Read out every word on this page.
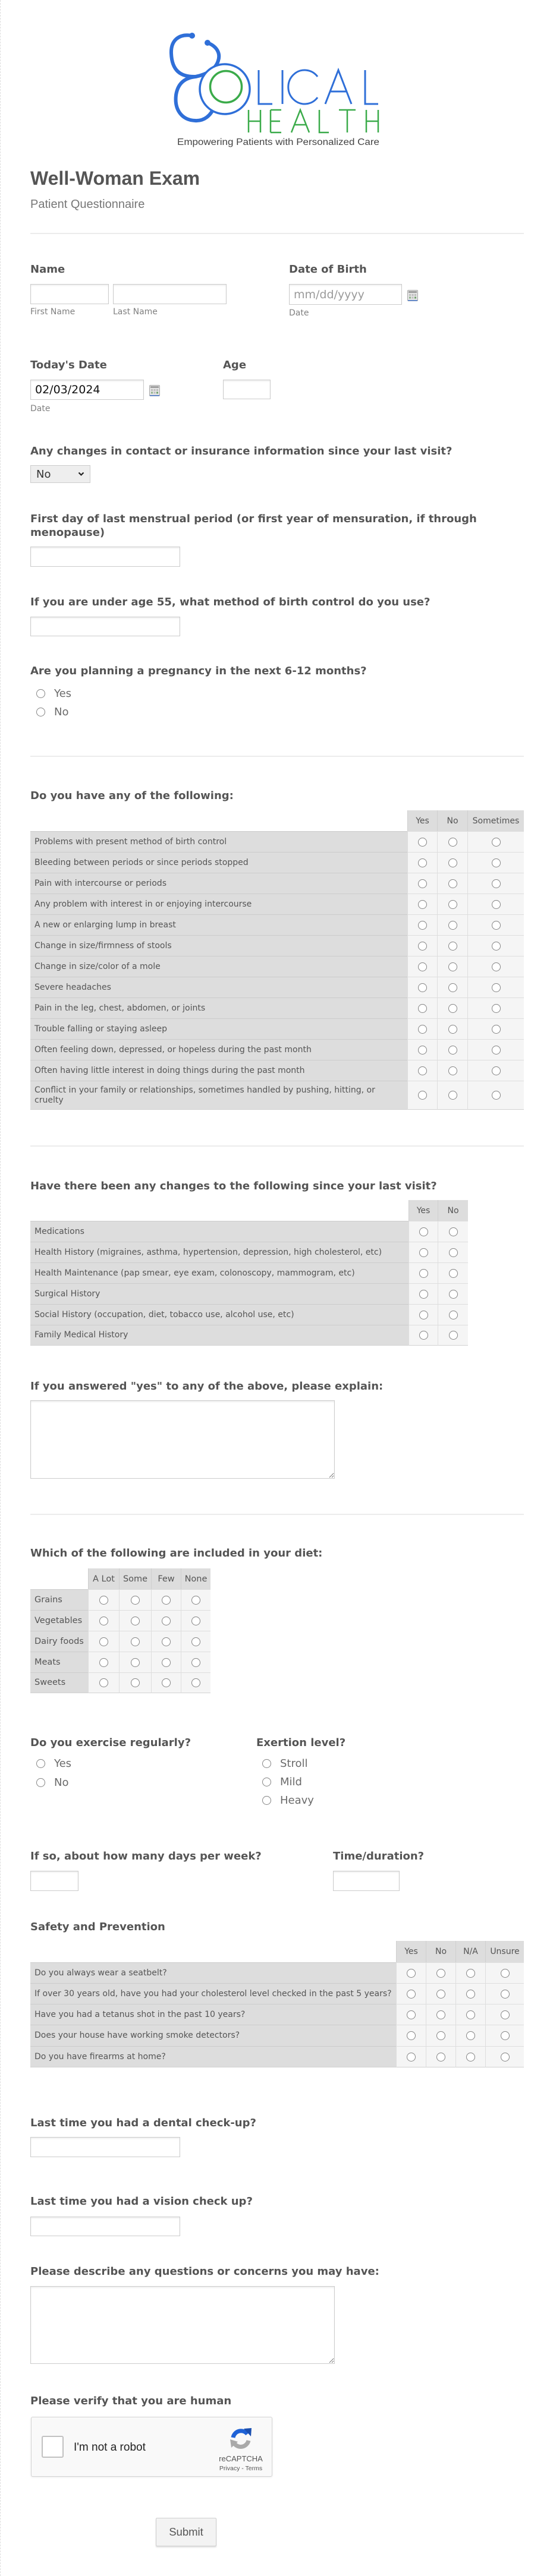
Empowering Patients with Personalized Care
Well-Woman Exam
Patient Questionnaire
Name
First Name	Last Name
Date of Birth
mm/dd/yyyy
Date
Today's Date
02/03/2024
Date
Age
Any changes in contact or insurance information since your last visit?
No
First day of last menstrual period (or first year of mensuration, if through menopause)
If you are under age 55, what method of birth control do you use?
Are you planning a pregnancy in the next 6-12 months?
Yes
No
Do you have any of the following:
	Yes	No	Sometimes
Problems with present method of birth control			
Bleeding between periods or since periods stopped			
Pain with intercourse or periods			
Any problem with interest in or enjoying intercourse			
A new or enlarging lump in breast			
Change in size/firmness of stools			
Change in size/color of a mole			
Severe headaches			
Pain in the leg, chest, abdomen, or joints			
Trouble falling or staying asleep			
Often feeling down, depressed, or hopeless during the past month			
Often having little interest in doing things during the past month			
Conflict in your family or relationships, sometimes handled by pushing, hitting, or cruelty			
Have there been any changes to the following since your last visit?
	Yes	No
Medications		
Health History (migraines, asthma, hypertension, depression, high cholesterol, etc)		
Health Maintenance (pap smear, eye exam, colonoscopy, mammogram, etc)		
Surgical History		
Social History (occupation, diet, tobacco use, alcohol use, etc)		
Family Medical History		
If you answered "yes" to any of the above, please explain:
Which of the following are included in your diet:
	A Lot	Some	Few	None
Grains				
Vegetables				
Dairy foods				
Meats				
Sweets				
Do you exercise regularly?
Yes
No
Exertion level?
Stroll
Mild
Heavy
If so, about how many days per week?	Time/duration?
Safety and Prevention
	Yes	No	N/A	Unsure
Do you always wear a seatbelt?				
If over 30 years old, have you had your cholesterol level checked in the past 5 years?				
Have you had a tetanus shot in the past 10 years?				
Does your house have working smoke detectors?				
Do you have firearms at home?				
Last time you had a dental check-up?
Last time you had a vision check up?
Please describe any questions or concerns you may have:
Please verify that you are human
I'm not a robot
reCAPTCHA
Privacy - Terms
Submit
